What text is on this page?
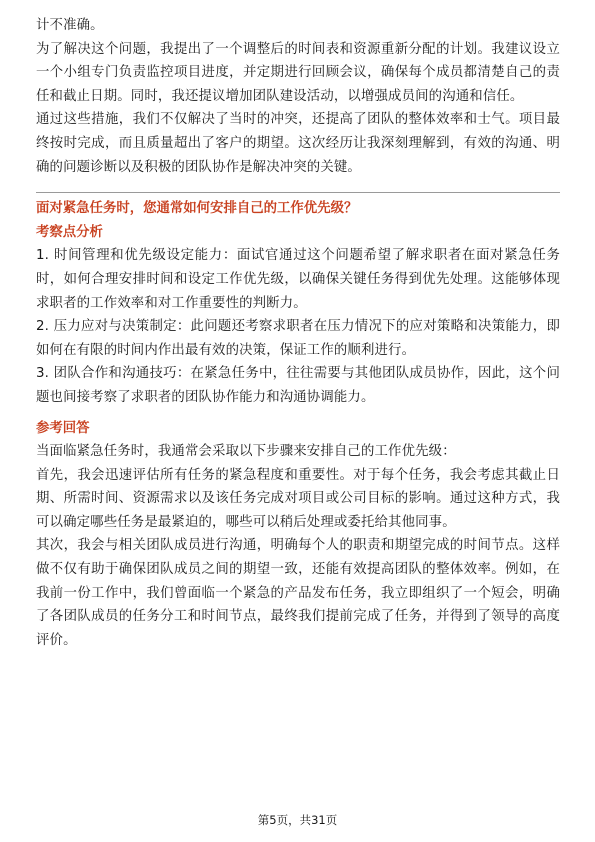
计不准确。

为了解决这个问题，我提出了一个调整后的时间表和资源重新分配的计划。我建议设立一个小组专门负责监控项目进度，并定期进行回顾会议，确保每个成员都清楚自己的责任和截止日期。同时，我还提议增加团队建设活动，以增强成员间的沟通和信任。

通过这些措施，我们不仅解决了当时的冲突，还提高了团队的整体效率和士气。项目最终按时完成，而且质量超出了客户的期望。这次经历让我深刻理解到，有效的沟通、明确的问题诊断以及积极的团队协作是解决冲突的关键。

面对紧急任务时，您通常如何安排自己的工作优先级？

考察点分析

1. 时间管理和优先级设定能力：面试官通过这个问题希望了解求职者在面对紧急任务时，如何合理安排时间和设定工作优先级，以确保关键任务得到优先处理。这能够体现求职者的工作效率和对工作重要性的判断力。

2. 压力应对与决策制定：此问题还考察求职者在压力情况下的应对策略和决策能力，即如何在有限的时间内作出最有效的决策，保证工作的顺利进行。

3. 团队合作和沟通技巧：在紧急任务中，往往需要与其他团队成员协作，因此，这个问题也间接考察了求职者的团队协作能力和沟通协调能力。

参考回答

当面临紧急任务时，我通常会采取以下步骤来安排自己的工作优先级：

首先，我会迅速评估所有任务的紧急程度和重要性。对于每个任务，我会考虑其截止日期、所需时间、资源需求以及该任务完成对项目或公司目标的影响。通过这种方式，我可以确定哪些任务是最紧迫的，哪些可以稍后处理或委托给其他同事。

其次，我会与相关团队成员进行沟通，明确每个人的职责和期望完成的时间节点。这样做不仅有助于确保团队成员之间的期望一致，还能有效提高团队的整体效率。例如，在我前一份工作中，我们曾面临一个紧急的产品发布任务，我立即组织了一个短会，明确了各团队成员的任务分工和时间节点，最终我们提前完成了任务，并得到了领导的高度评价。

第5页，共31页
